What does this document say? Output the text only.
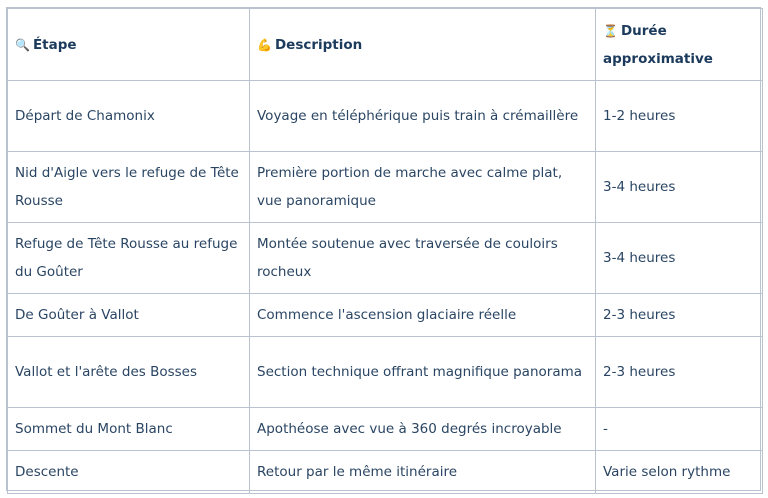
🔍 Étape	💪 Description	⏳ Durée approximative
Départ de Chamonix	Voyage en téléphérique puis train à crémaillère	1-2 heures
Nid d'Aigle vers le refuge de Tête Rousse	Première portion de marche avec calme plat, vue panoramique	3-4 heures
Refuge de Tête Rousse au refuge du Goûter	Montée soutenue avec traversée de couloirs rocheux	3-4 heures
De Goûter à Vallot	Commence l'ascension glaciaire réelle	2-3 heures
Vallot et l'arête des Bosses	Section technique offrant magnifique panorama	2-3 heures
Sommet du Mont Blanc	Apothéose avec vue à 360 degrés incroyable	-
Descente	Retour par le même itinéraire	Varie selon rythme
